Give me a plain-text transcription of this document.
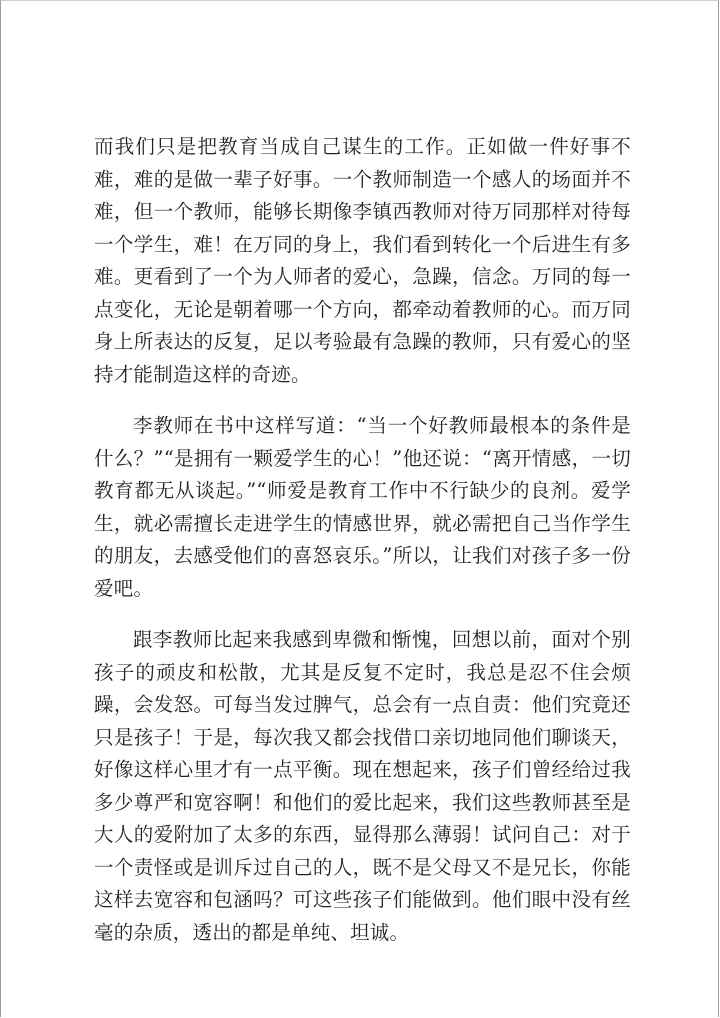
而我们只是把教育当成自己谋生的工作。正如做一件好事不难，难的是做一辈子好事。一个教师制造一个感人的场面并不难，但一个教师，能够长期像李镇西教师对待万同那样对待每一个学生，难！在万同的身上，我们看到转化一个后进生有多难。更看到了一个为人师者的爱心，急躁，信念。万同的每一点变化，无论是朝着哪一个方向，都牵动着教师的心。而万同身上所表达的反复，足以考验最有急躁的教师，只有爱心的坚持才能制造这样的奇迹。

李教师在书中这样写道：“当一个好教师最根本的条件是什么？”“是拥有一颗爱学生的心！”他还说：“离开情感，一切教育都无从谈起。”“师爱是教育工作中不行缺少的良剂。爱学生，就必需擅长走进学生的情感世界，就必需把自己当作学生的朋友，去感受他们的喜怒哀乐。”所以，让我们对孩子多一份爱吧。

跟李教师比起来我感到卑微和惭愧，回想以前，面对个别孩子的顽皮和松散，尤其是反复不定时，我总是忍不住会烦躁，会发怒。可每当发过脾气，总会有一点自责：他们究竟还只是孩子！于是，每次我又都会找借口亲切地同他们聊谈天，好像这样心里才有一点平衡。现在想起来，孩子们曾经给过我多少尊严和宽容啊！和他们的爱比起来，我们这些教师甚至是大人的爱附加了太多的东西，显得那么薄弱！试问自己：对于一个责怪或是训斥过自己的人，既不是父母又不是兄长，你能这样去宽容和包涵吗？可这些孩子们能做到。他们眼中没有丝毫的杂质，透出的都是单纯、坦诚。
